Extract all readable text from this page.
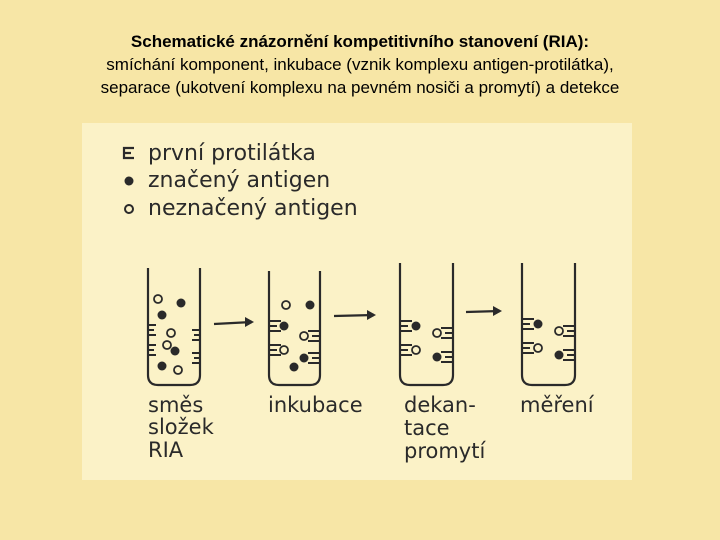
Schematické znázornění kompetitivního stanovení (RIA):
smíchání komponent, inkubace (vznik komplexu antigen-protilátka),
separace (ukotvení komplexu na pevném nosiči a promytí) a detekce
první protilátka
značený antigen
neznačený antigen
směs
složek
RIA
inkubace dekan-
tace
promytí
měření
